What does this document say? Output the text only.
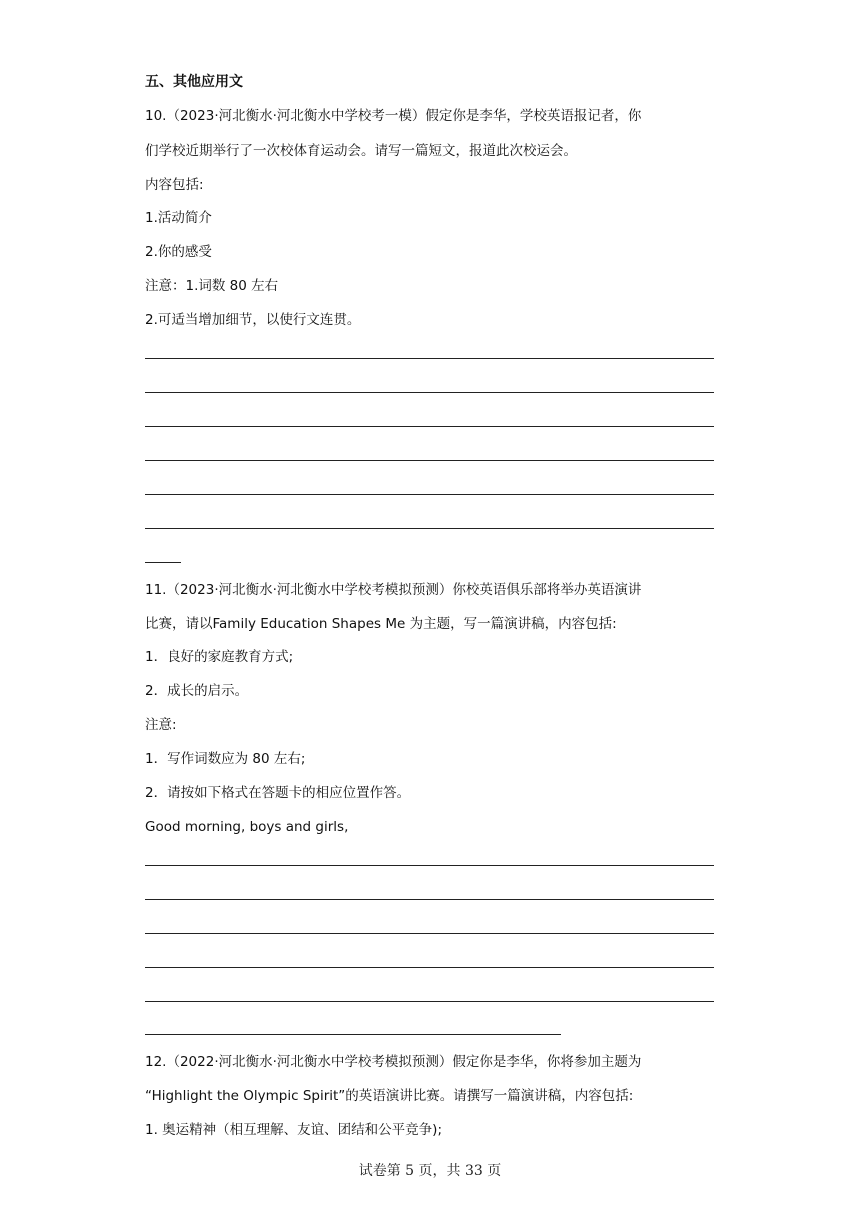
五、其他应用文
10.（2023·河北衡水·河北衡水中学校考一模）假定你是李华，学校英语报记者，你
们学校近期举行了一次校体育运动会。请写一篇短文，报道此次校运会。
内容包括:
1.活动简介
2.你的感受
注意：1.词数 80 左右
2.可适当增加细节，以使行文连贯。
11.（2023·河北衡水·河北衡水中学校考模拟预测）你校英语俱乐部将举办英语演讲
比赛，请以Family Education Shapes Me 为主题，写一篇演讲稿，内容包括:
1．良好的家庭教育方式;
2．成长的启示。
注意:
1．写作词数应为 80 左右;
2．请按如下格式在答题卡的相应位置作答。
Good morning, boys and girls,
12.（2022·河北衡水·河北衡水中学校考模拟预测）假定你是李华，你将参加主题为
“Highlight the Olympic Spirit”的英语演讲比赛。请撰写一篇演讲稿，内容包括:
1. 奥运精神（相互理解、友谊、团结和公平竞争);
试卷第 5 页，共 33 页
